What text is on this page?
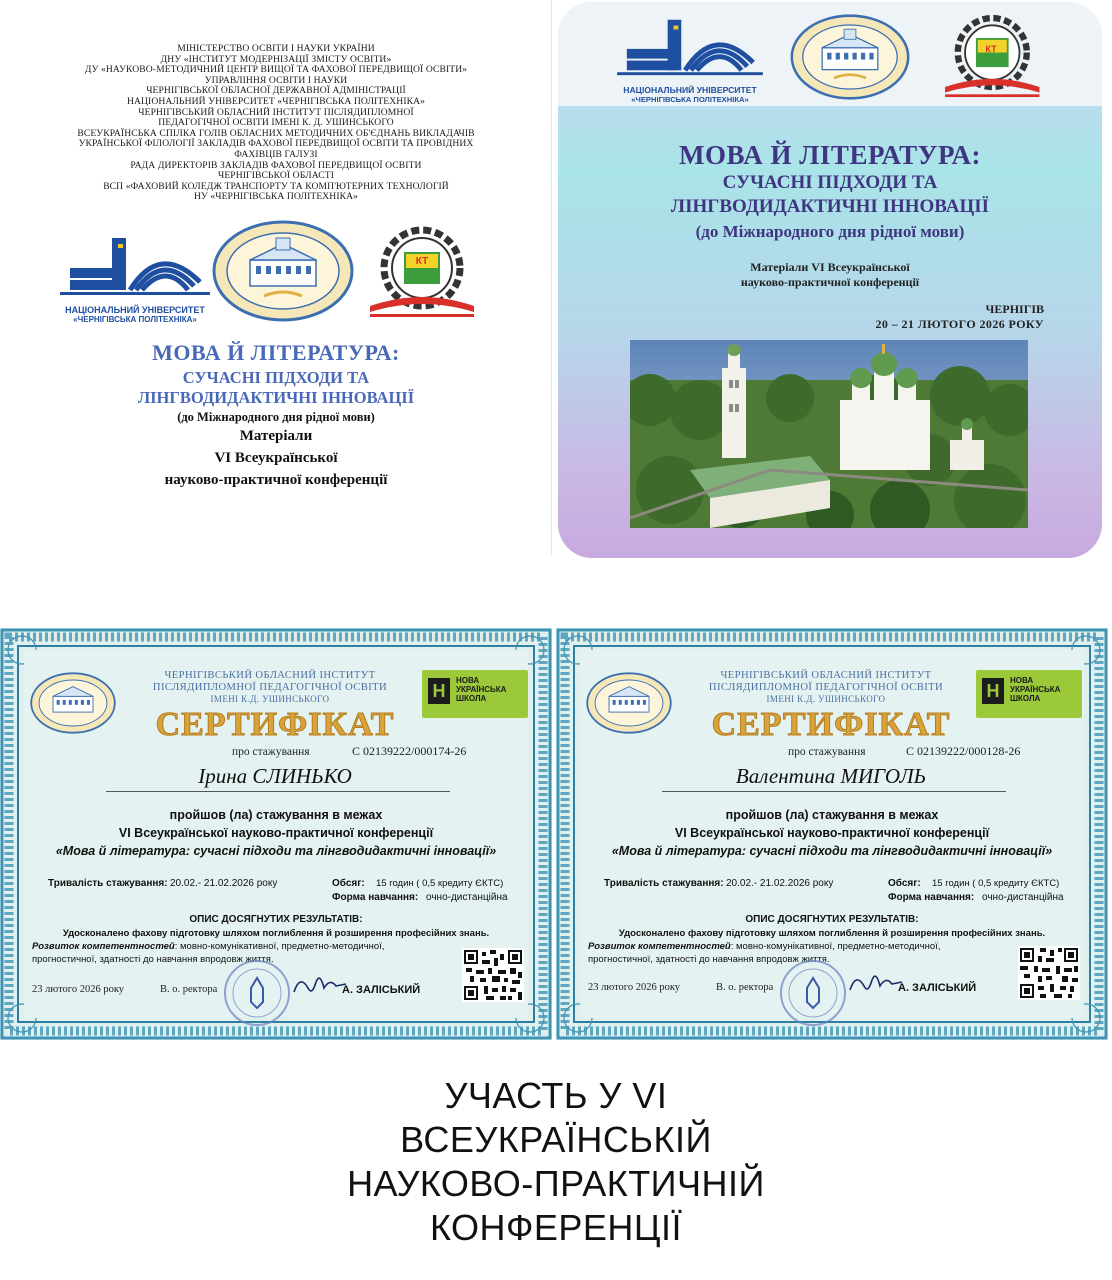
МІНІСТЕРСТВО ОСВІТИ І НАУКИ УКРАЇНИ
ДНУ «ІНСТИТУТ МОДЕРНІЗАЦІЇ ЗМІСТУ ОСВІТИ»
ДУ «НАУКОВО-МЕТОДИЧНИЙ ЦЕНТР ВИЩОЇ ТА ФАХОВОЇ ПЕРЕДВИЩОЇ ОСВІТИ»
УПРАВЛІННЯ ОСВІТИ І НАУКИ
ЧЕРНІГІВСЬКОЇ ОБЛАСНОЇ ДЕРЖАВНОЇ АДМІНІСТРАЦІЇ
НАЦІОНАЛЬНИЙ УНІВЕРСИТЕТ «ЧЕРНІГІВСЬКА ПОЛІТЕХНІКА»
ЧЕРНІГІВСЬКИЙ ОБЛАСНИЙ ІНСТИТУТ ПІСЛЯДИПЛОМНОЇ
ПЕДАГОГІЧНОЇ ОСВІТИ ІМЕНІ К. Д. УШИНСЬКОГО
ВСЕУКРАЇНСЬКА СПІЛКА ГОЛІВ ОБЛАСНИХ МЕТОДИЧНИХ ОБ'ЄДНАНЬ ВИКЛАДАЧІВ
УКРАЇНСЬКОЇ ФІЛОЛОГІЇ ЗАКЛАДІВ ФАХОВОЇ ПЕРЕДВИЩОЇ ОСВІТИ ТА ПРОВІДНИХ
ФАХІВЦІВ ГАЛУЗІ
РАДА ДИРЕКТОРІВ ЗАКЛАДІВ ФАХОВОЇ ПЕРЕДВИЩОЇ ОСВІТИ
ЧЕРНІГІВСЬКОЇ ОБЛАСТІ
ВСП «ФАХОВИЙ КОЛЕДЖ ТРАНСПОРТУ ТА КОМП'ЮТЕРНИХ ТЕХНОЛОГІЙ
НУ «ЧЕРНІГІВСЬКА ПОЛІТЕХНІКА»
НАЦІОНАЛЬНИЙ УНІВЕРСИТЕТ
«ЧЕРНІГІВСЬКА ПОЛІТЕХНІКА»
КТ
МОВА Й ЛІТЕРАТУРА:
СУЧАСНІ ПІДХОДИ ТА
ЛІНГВОДИДАКТИЧНІ ІННОВАЦІЇ
(до Міжнародного дня рідної мови)
Матеріали
VI Всеукраїнської
науково-практичної конференції
НАЦІОНАЛЬНИЙ УНІВЕРСИТЕТ
«ЧЕРНІГІВСЬКА ПОЛІТЕХНІКА»
КТ
МОВА Й ЛІТЕРАТУРА:
СУЧАСНІ ПІДХОДИ ТА
ЛІНГВОДИДАКТИЧНІ ІННОВАЦІЇ
(до Міжнародного дня рідної мови)
Матеріали VI Всеукраїнської
науково-практичної конференції
ЧЕРНІГІВ
20 – 21 ЛЮТОГО 2026 РОКУ
ЧЕРНІГІВСЬКИЙ ОБЛАСНИЙ ІНСТИТУТ
ПІСЛЯДИПЛОМНОЇ ПЕДАГОГІЧНОЇ ОСВІТИ
ІМЕНІ К.Д. УШИНСЬКОГО	Н
НОВА
УКРАЇНСЬКА
ШКОЛА
СЕРТИФІКАТ
про стажування	С 02139222/000174-26
Ірина СЛИНЬКО
пройшов (ла) стажування в межах
VI Всеукраїнської науково-практичної конференції
«Мова й література: сучасні підходи та лінгводидактичні інновації»
Тривалість стажування: 20.02.- 21.02.2026 року	Обсяг: 15 годин ( 0,5 кредиту ЄКТС)
Форма навчання: очно-дистанційна
ОПИС ДОСЯГНУТИХ РЕЗУЛЬТАТІВ:
Удосконалено фахову підготовку шляхом поглиблення й розширення професійних знань.
Розвиток компетентностей: мовно-комунікативної, предметно-методичної,
прогностичної, здатності до навчання впродовж життя.
23 лютого 2026 року	В. о. ректора	А. ЗАЛІСЬКИЙ
ЧЕРНІГІВСЬКИЙ ОБЛАСНИЙ ІНСТИТУТ
ПІСЛЯДИПЛОМНОЇ ПЕДАГОГІЧНОЇ ОСВІТИ
ІМЕНІ К.Д. УШИНСЬКОГО	Н
НОВА
УКРАЇНСЬКА
ШКОЛА
СЕРТИФІКАТ
про стажування	С 02139222/000128-26
Валентина МИГОЛЬ
пройшов (ла) стажування в межах
VI Всеукраїнської науково-практичної конференції
«Мова й література: сучасні підходи та лінгводидактичні інновації»
Тривалість стажування: 20.02.- 21.02.2026 року	Обсяг: 15 годин ( 0,5 кредиту ЄКТС)
Форма навчання: очно-дистанційна
ОПИС ДОСЯГНУТИХ РЕЗУЛЬТАТІВ:
Удосконалено фахову підготовку шляхом поглиблення й розширення професійних знань.
Розвиток компетентностей: мовно-комунікативної, предметно-методичної,
прогностичної, здатності до навчання впродовж життя.
23 лютого 2026 року	В. о. ректора	А. ЗАЛІСЬКИЙ
УЧАСТЬ У VI
ВСЕУКРАЇНСЬКІЙ
НАУКОВО-ПРАКТИЧНІЙ
КОНФЕРЕНЦІЇ
